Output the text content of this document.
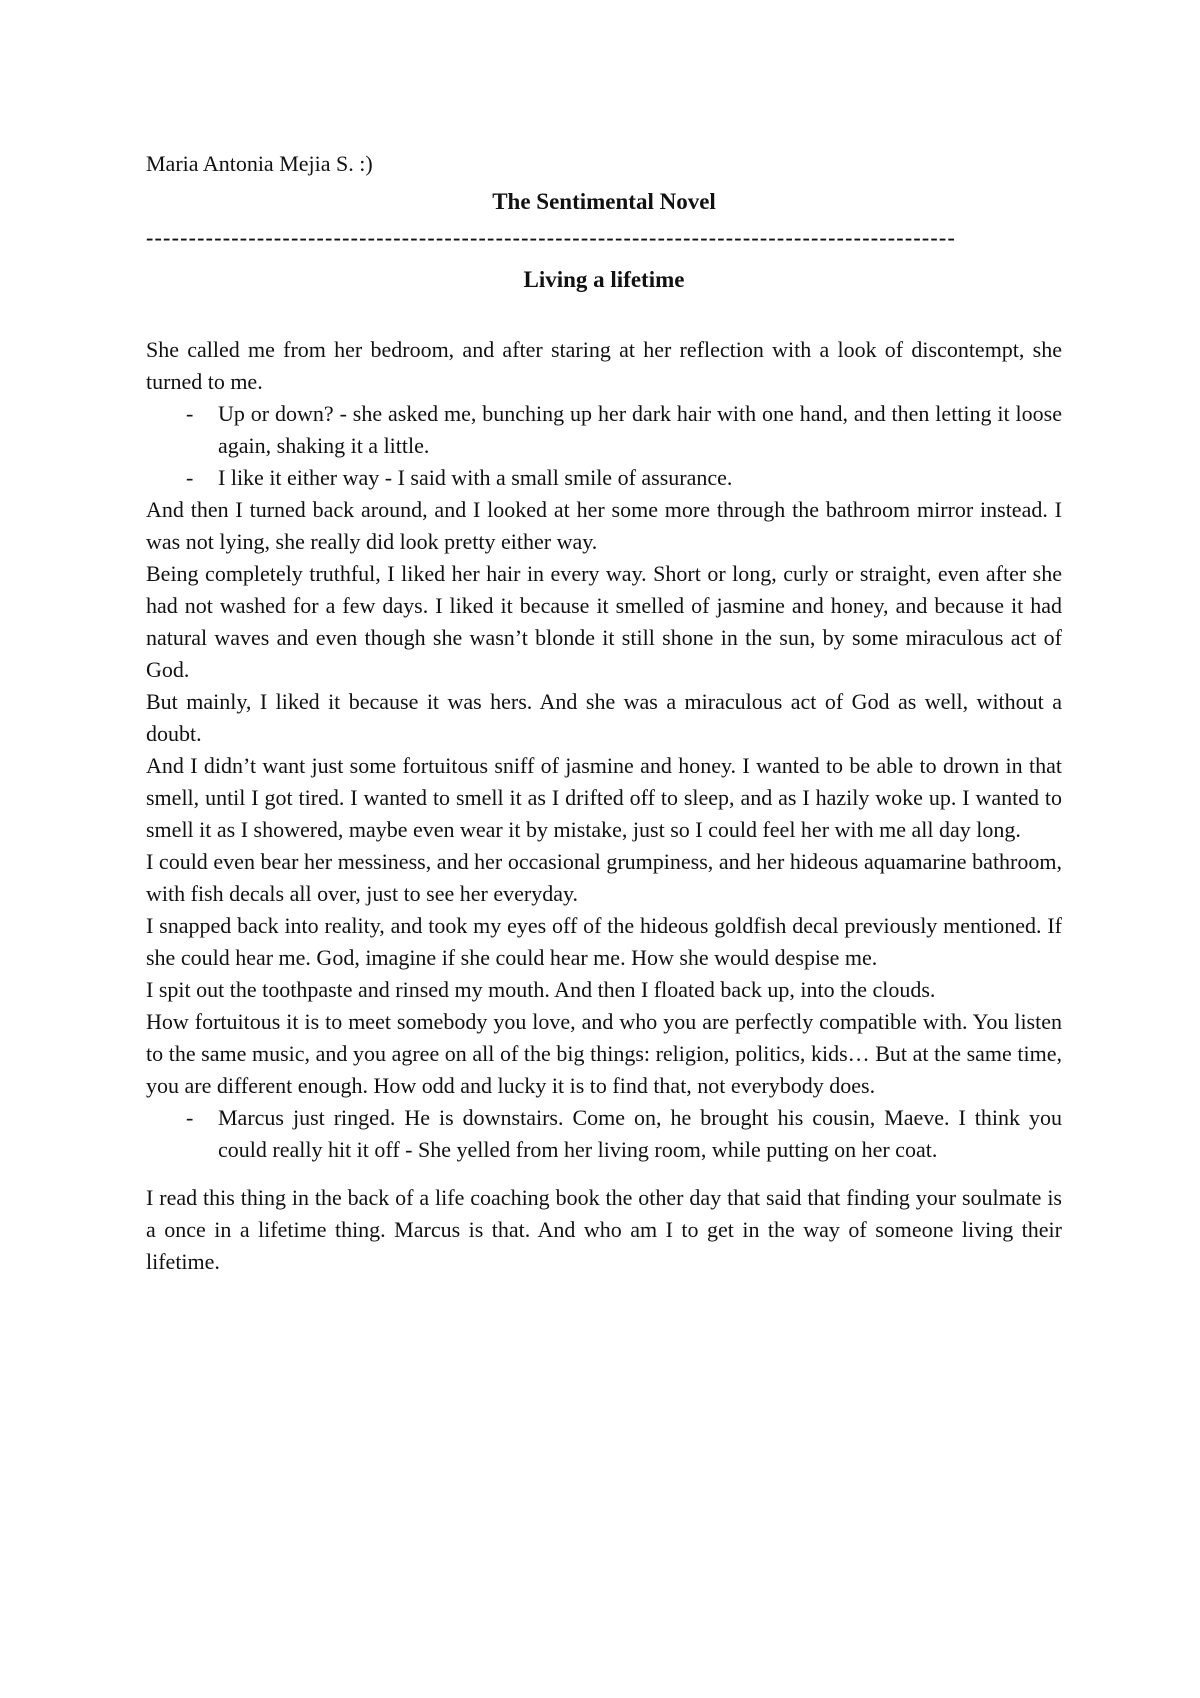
Maria Antonia Mejia S. :)

The Sentimental Novel

-----------------------------------------------------------------------------------------------

Living a lifetime

She called me from her bedroom, and after staring at her reflection with a look of discontempt, she turned to me.

-	Up or down? - she asked me, bunching up her dark hair with one hand, and then letting it loose again, shaking it a little.
-	I like it either way - I said with a small smile of assurance.

And then I turned back around, and I looked at her some more through the bathroom mirror instead. I was not lying, she really did look pretty either way.

Being completely truthful, I liked her hair in every way. Short or long, curly or straight, even after she had not washed for a few days. I liked it because it smelled of jasmine and honey, and because it had natural waves and even though she wasn’t blonde it still shone in the sun, by some miraculous act of God.

But mainly, I liked it because it was hers. And she was a miraculous act of God as well, without a doubt.

And I didn’t want just some fortuitous sniff of jasmine and honey. I wanted to be able to drown in that smell, until I got tired. I wanted to smell it as I drifted off to sleep, and as I hazily woke up. I wanted to smell it as I showered, maybe even wear it by mistake, just so I could feel her with me all day long.

I could even bear her messiness, and her occasional grumpiness, and her hideous aquamarine bathroom, with fish decals all over, just to see her everyday.

I snapped back into reality, and took my eyes off of the hideous goldfish decal previously mentioned. If she could hear me. God, imagine if she could hear me. How she would despise me.

I spit out the toothpaste and rinsed my mouth. And then I floated back up, into the clouds.

How fortuitous it is to meet somebody you love, and who you are perfectly compatible with. You listen to the same music, and you agree on all of the big things: religion, politics, kids… But at the same time, you are different enough. How odd and lucky it is to find that, not everybody does.

-	Marcus just ringed. He is downstairs. Come on, he brought his cousin, Maeve. I think you could really hit it off - She yelled from her living room, while putting on her coat.

I read this thing in the back of a life coaching book the other day that said that finding your soulmate is a once in a lifetime thing. Marcus is that. And who am I to get in the way of someone living their lifetime.
